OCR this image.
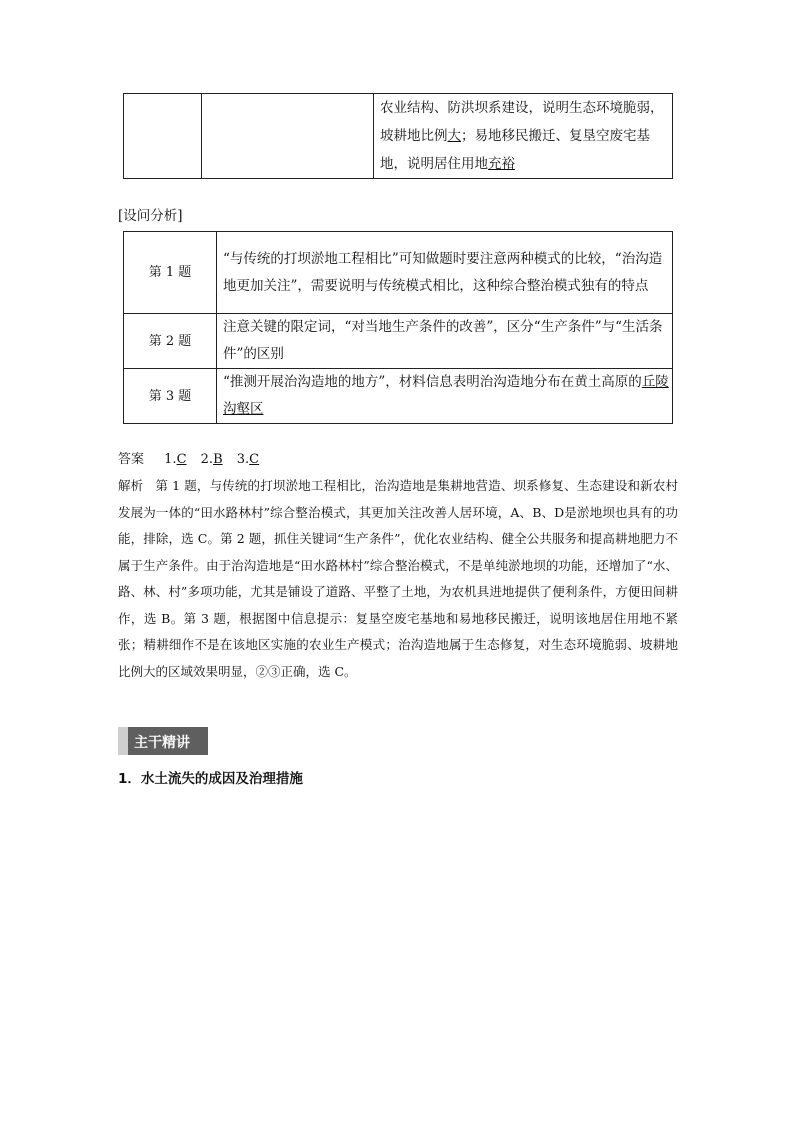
		农业结构、防洪坝系建设，说明生态环境脆弱，坡耕地比例大；易地移民搬迁、复垦空废宅基地，说明居住用地充裕
[设问分析]
第 1 题	“与传统的打坝淤地工程相比”可知做题时要注意两种模式的比较，“治沟造地更加关注”，需要说明与传统模式相比，这种综合整治模式独有的特点
第 2 题	注意关键的限定词，“对当地生产条件的改善”，区分“生产条件”与“生活条件”的区别
第 3 题	“推测开展治沟造地的地方”，材料信息表明治沟造地分布在黄土高原的丘陵沟壑区
答案 1.C 2.B 3.C
解析 第 1 题，与传统的打坝淤地工程相比，治沟造地是集耕地营造、坝系修复、生态建设和新农村发展为一体的“田水路林村”综合整治模式，其更加关注改善人居环境，A、B、D是淤地坝也具有的功能，排除，选 C。第 2 题，抓住关键词“生产条件”，优化农业结构、健全公共服务和提高耕地肥力不属于生产条件。由于治沟造地是“田水路林村”综合整治模式，不是单纯淤地坝的功能，还增加了“水、路、林、村”多项功能，尤其是铺设了道路、平整了土地，为农机具进地提供了便利条件，方便田间耕作，选 B。第 3 题，根据图中信息提示：复垦空废宅基地和易地移民搬迁，说明该地居住用地不紧张；精耕细作不是在该地区实施的农业生产模式；治沟造地属于生态修复，对生态环境脆弱、坡耕地比例大的区域效果明显，②③正确，选 C。
主干精讲
1．水土流失的成因及治理措施
